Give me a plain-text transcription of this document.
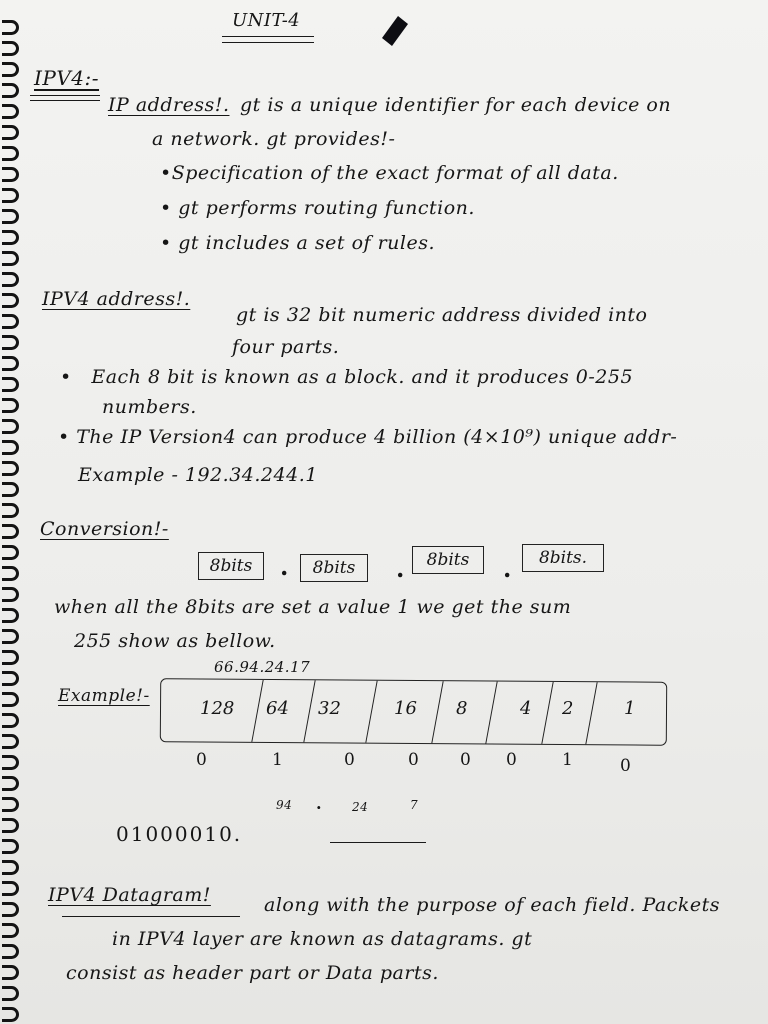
UNIT-4
IPV4:-
IP address!. gt is a unique identifier for each device on
a network. gt provides!-
•Specification of the exact format of all data.
• gt performs routing function.
• gt includes a set of rules.
IPV4 address!.
gt is 32 bit numeric address divided into
four parts.
•   Each 8 bit is known as a block. and it produces 0-255
numbers.
• The IP Version4 can produce 4 billion (4×10⁹) unique addr-
Example - 192.34.244.1
Conversion!-
8bits	.	8bits	.	8bits	.	8bits.
when all the 8bits are set a value 1 we get the sum
255 show as bellow.
66.94.24.17
Example!-
128 64 32	16 8	4 2	1
0	1	0	0 0 0	1	0
94	24	7
.
01000010.
IPV4 Datagram!	along with the purpose of each field. Packets
in IPV4 layer are known as datagrams. gt
consist as header part or Data parts.
